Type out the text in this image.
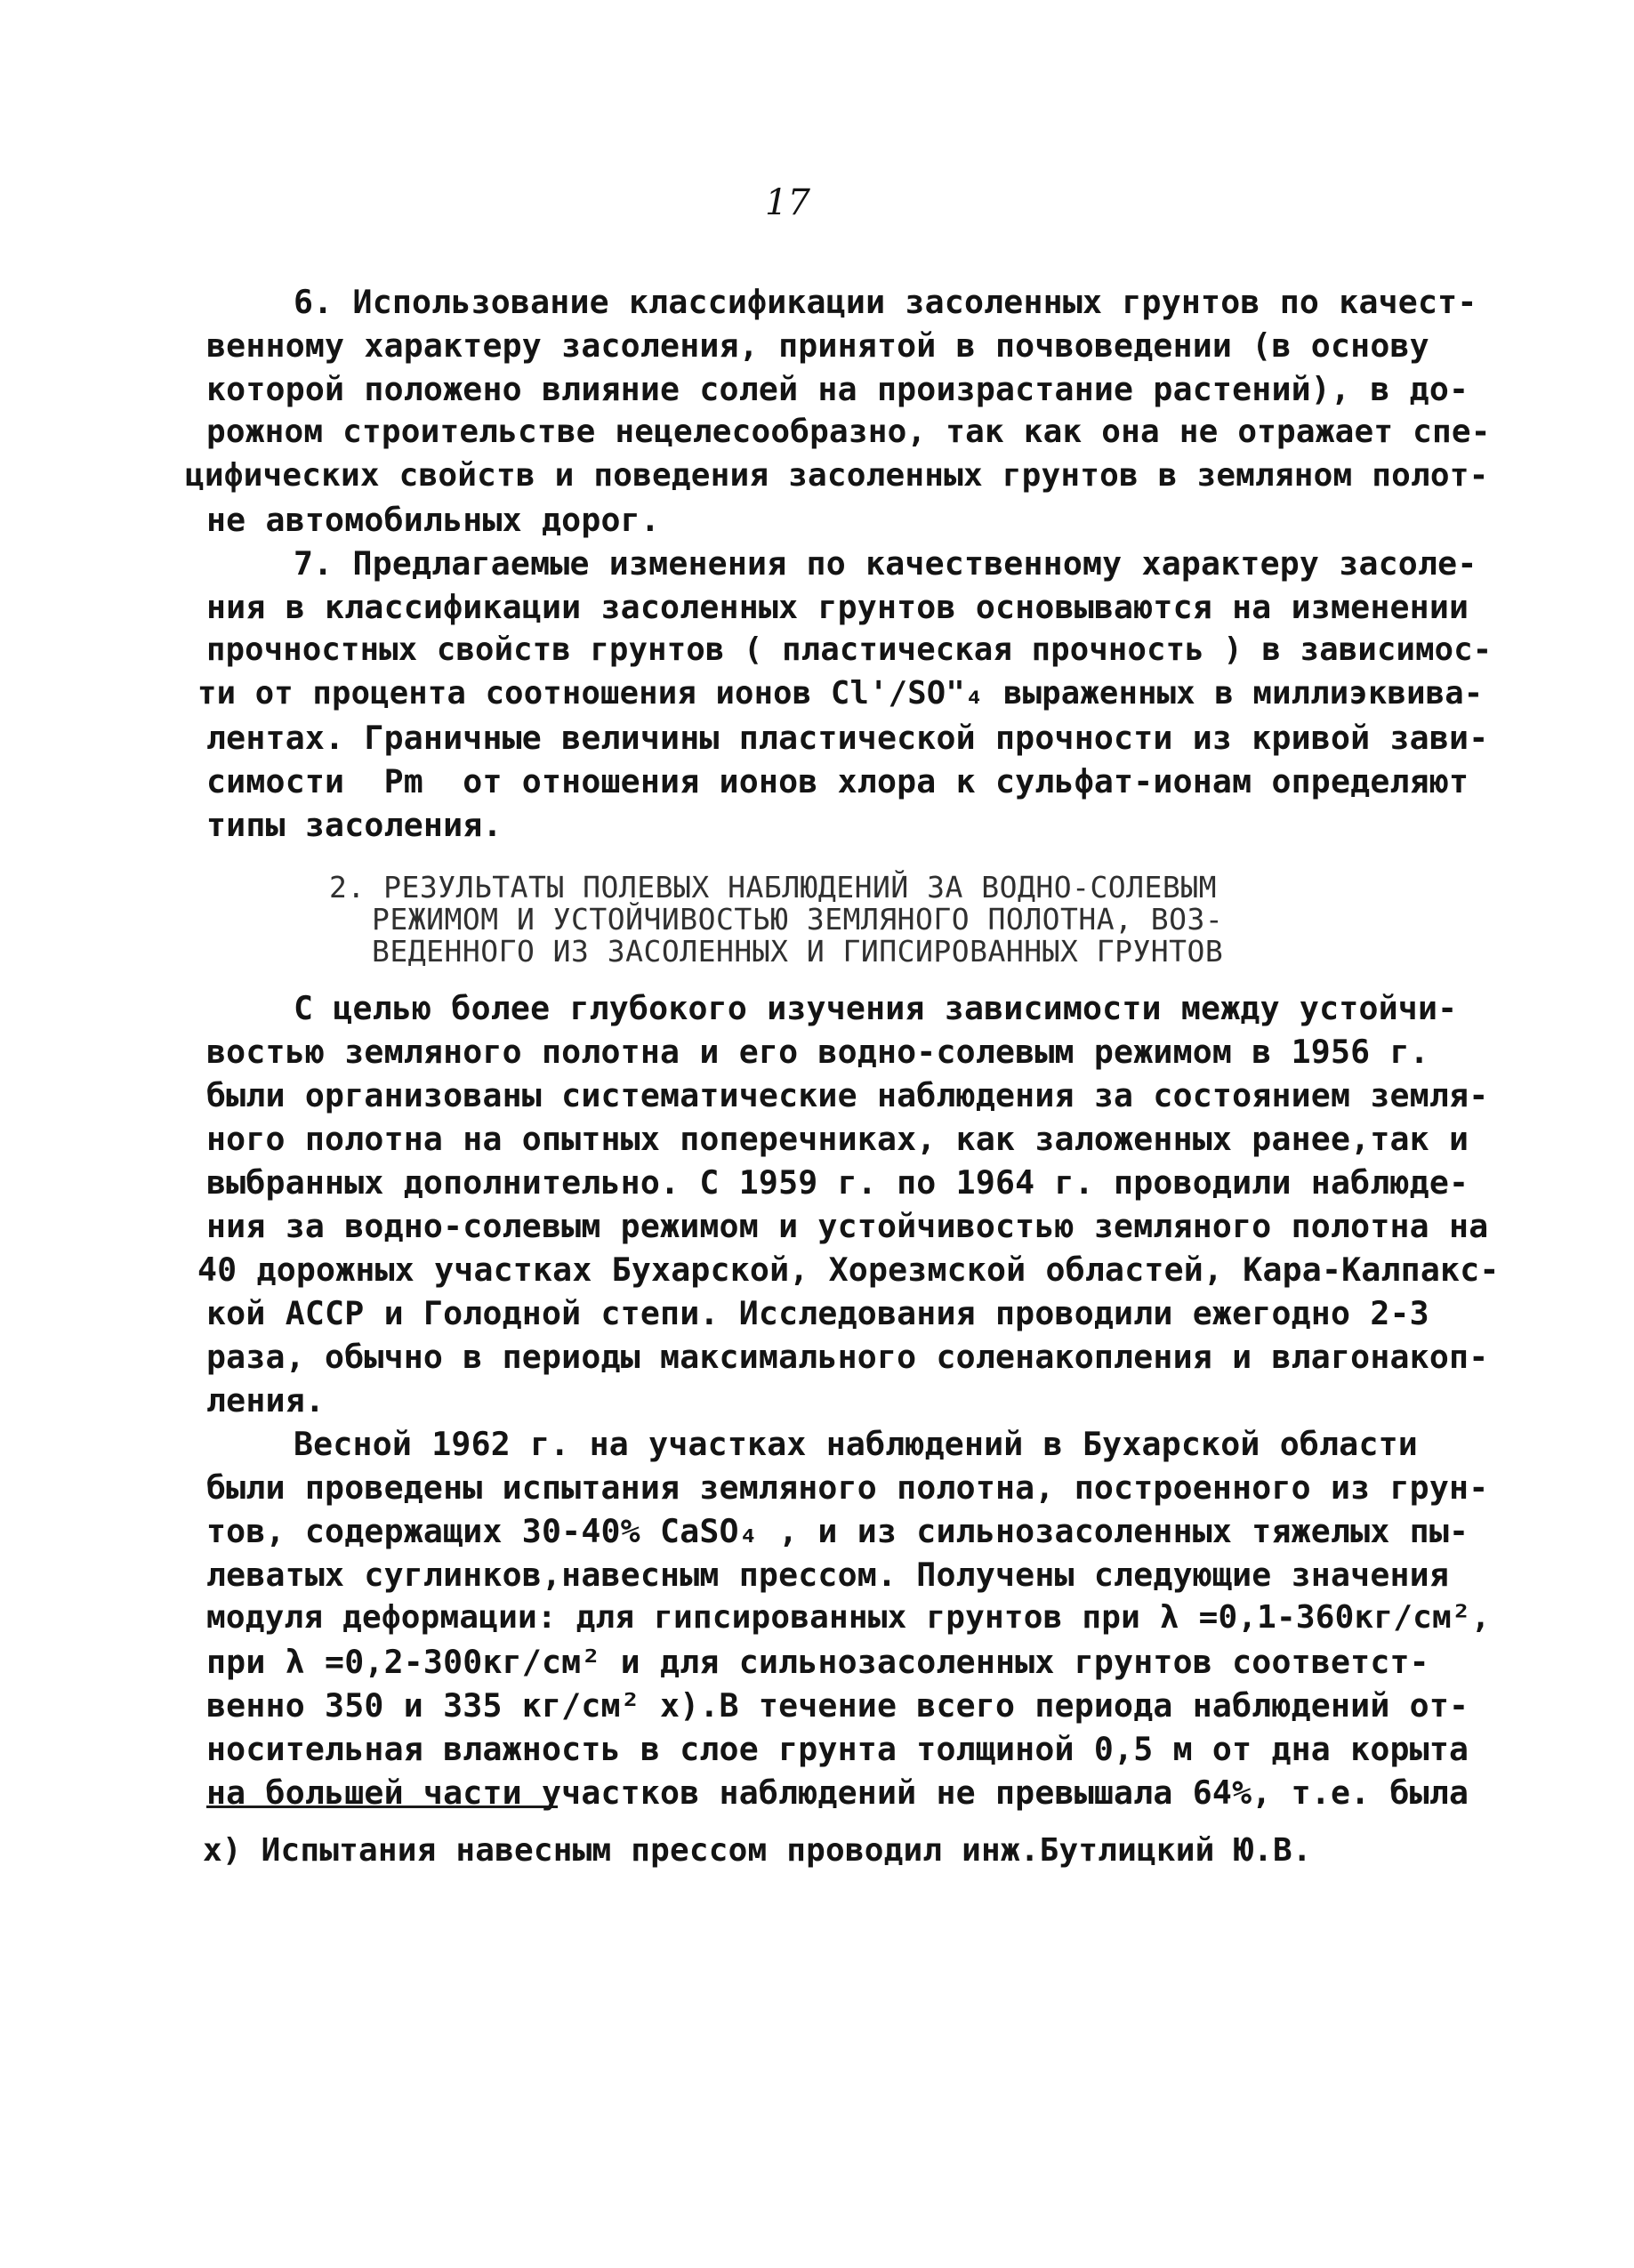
17
6. Использование классификации засоленных грунтов по качест-
венному характеру засоления, принятой в почвоведении (в основу
которой положено влияние солей на произрастание растений), в до-
рожном строительстве нецелесообразно, так как она не отражает спе-
цифических свойств и поведения засоленных грунтов в земляном полот-
не автомобильных дорог.
7. Предлагаемые изменения по качественному характеру засоле-
ния в классификации засоленных грунтов основываются на изменении
прочностных свойств грунтов ( пластическая прочность ) в зависимос-
ти от процента соотношения ионов Cl'/SO"₄ выраженных в миллиэквива-
лентах. Граничные величины пластической прочности из кривой зави-
симости  Pm  от отношения ионов хлора к сульфат-ионам определяют
типы засоления.
2. РЕЗУЛЬТАТЫ ПОЛЕВЫХ НАБЛЮДЕНИЙ ЗА ВОДНО-СОЛЕВЫМ
РЕЖИМОМ И УСТОЙЧИВОСТЬЮ ЗЕМЛЯНОГО ПОЛОТНА, ВОЗ-
ВЕДЕННОГО ИЗ ЗАСОЛЕННЫХ И ГИПСИРОВАННЫХ ГРУНТОВ
С целью более глубокого изучения зависимости между устойчи-
востью земляного полотна и его водно-солевым режимом в 1956 г.
были организованы систематические наблюдения за состоянием земля-
ного полотна на опытных поперечниках, как заложенных ранее,так и
выбранных дополнительно. С 1959 г. по 1964 г. проводили наблюде-
ния за водно-солевым режимом и устойчивостью земляного полотна на
40 дорожных участках Бухарской, Хорезмской областей, Кара-Калпакс-
кой АССР и Голодной степи. Исследования проводили ежегодно 2-3
раза, обычно в периоды максимального соленакопления и влагонакоп-
ления.
Весной 1962 г. на участках наблюдений в Бухарской области
были проведены испытания земляного полотна, построенного из грун-
тов, содержащих 30-40% CaSO₄ , и из сильнозасоленных тяжелых пы-
леватых суглинков,навесным прессом. Получены следующие значения
модуля деформации: для гипсированных грунтов при λ =0,1-360кг/см²,
при λ =0,2-300кг/см² и для сильнозасоленных грунтов соответст-
венно 350 и 335 кг/см² х).В течение всего периода наблюдений от-
носительная влажность в слое грунта толщиной 0,5 м от дна корыта
на большей части участков наблюдений не превышала 64%, т.е. была
х) Испытания навесным прессом проводил инж.Бутлицкий Ю.В.
